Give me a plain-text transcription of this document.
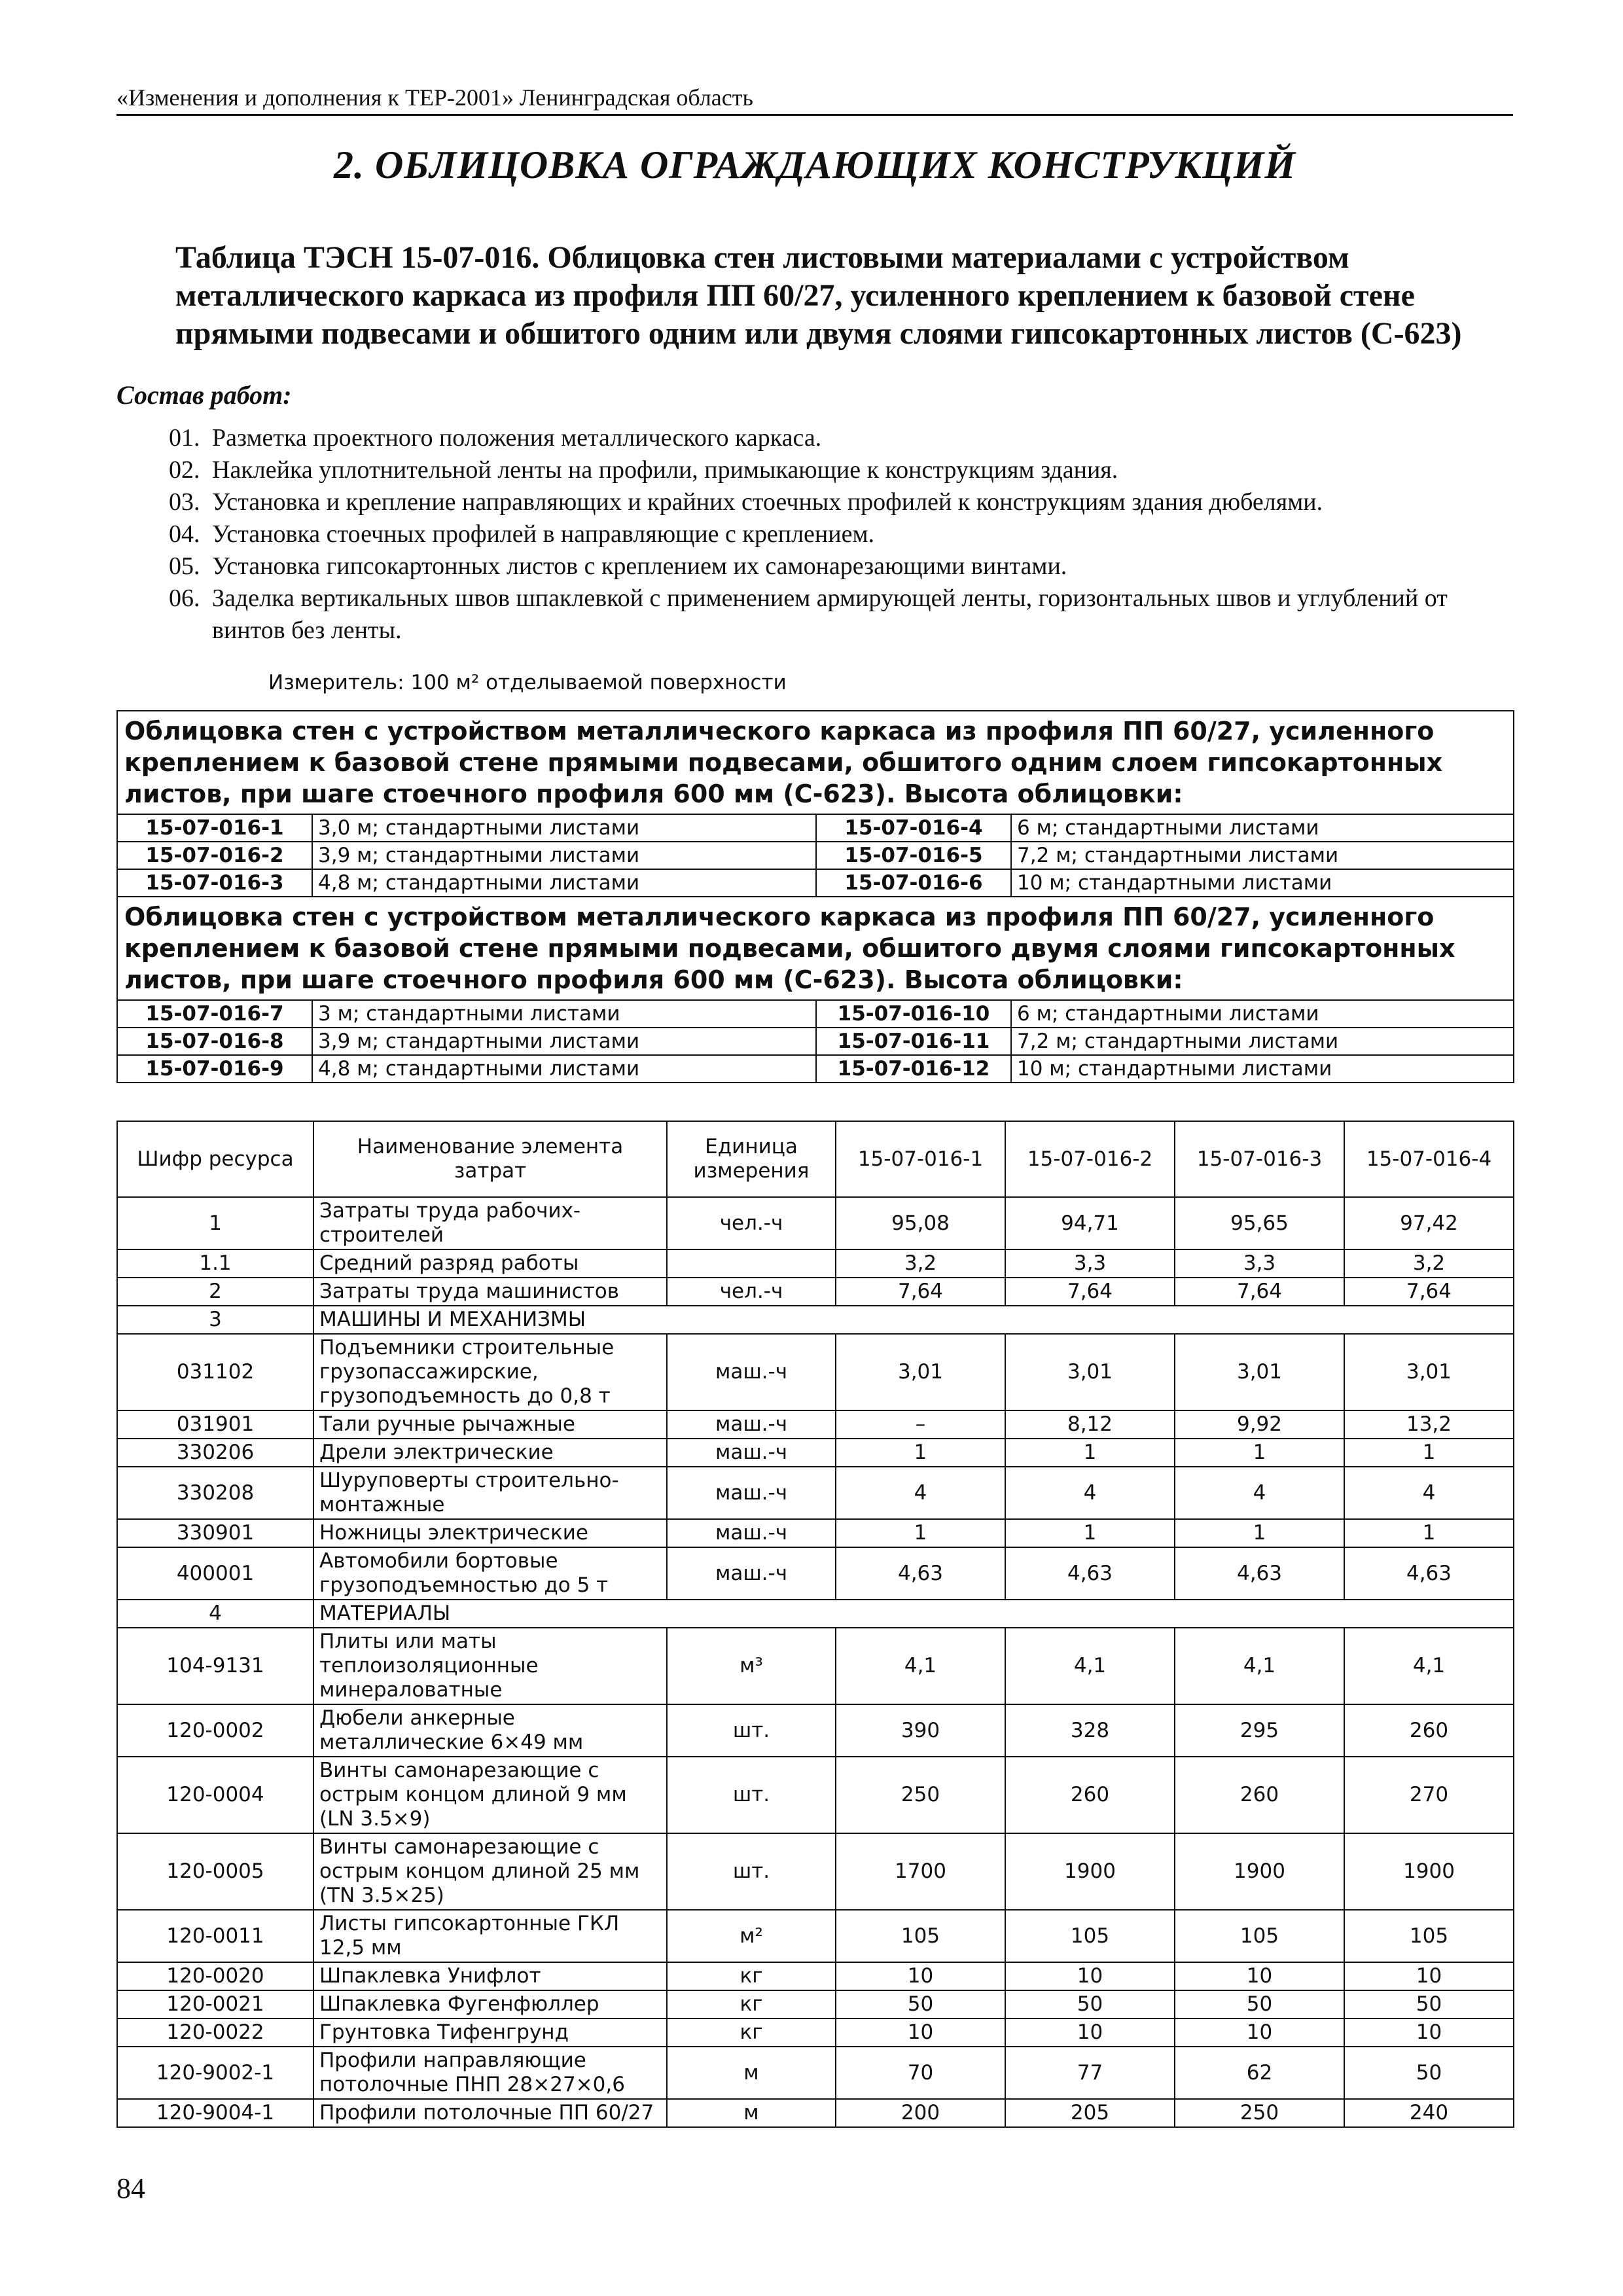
«Изменения и дополнения к ТЕР-2001» Ленинградская область
2. ОБЛИЦОВКА ОГРАЖДАЮЩИХ КОНСТРУКЦИЙ
Таблица ТЭСН 15-07-016. Облицовка стен листовыми материалами с устройством металлического каркаса из профиля ПП 60/27, усиленного креплением к базовой стене прямыми подвесами и обшитого одним или двумя слоями гипсокартонных листов (С-623)
Состав работ:
01. Разметка проектного положения металлического каркаса.
02. Наклейка уплотнительной ленты на профили, примыкающие к конструкциям здания.
03. Установка и крепление направляющих и крайних стоечных профилей к конструкциям здания дюбелями.
04. Установка стоечных профилей в направляющие с креплением.
05. Установка гипсокартонных листов с креплением их самонарезающими винтами.
06. Заделка вертикальных швов шпаклевкой с применением армирующей ленты, горизонтальных швов и углублений от винтов без ленты.
Измеритель: 100 м² отделываемой поверхности
Облицовка стен с устройством металлического каркаса из профиля ПП 60/27, усиленного креплением к базовой стене прямыми подвесами, обшитого одним слоем гипсокартонных листов, при шаге стоечного профиля 600 мм (С-623). Высота облицовки:			
15-07-016-1	3,0 м; стандартными листами	15-07-016-4	6 м; стандартными листами
15-07-016-2	3,9 м; стандартными листами	15-07-016-5	7,2 м; стандартными листами
15-07-016-3	4,8 м; стандартными листами	15-07-016-6	10 м; стандартными листами
Облицовка стен с устройством металлического каркаса из профиля ПП 60/27, усиленного креплением к базовой стене прямыми подвесами, обшитого двумя слоями гипсокартонных листов, при шаге стоечного профиля 600 мм (С-623). Высота облицовки:			
15-07-016-7	3 м; стандартными листами	15-07-016-10	6 м; стандартными листами
15-07-016-8	3,9 м; стандартными листами	15-07-016-11	7,2 м; стандартными листами
15-07-016-9	4,8 м; стандартными листами	15-07-016-12	10 м; стандартными листами
Шифр ресурса	Наименование элемента затрат	Единица измерения	15-07-016-1	15-07-016-2	15-07-016-3	15-07-016-4
1	Затраты труда рабочих-строителей	чел.-ч	95,08	94,71	95,65	97,42
1.1	Средний разряд работы		3,2	3,3	3,3	3,2
2	Затраты труда машинистов	чел.-ч	7,64	7,64	7,64	7,64
3	МАШИНЫ И МЕХАНИЗМЫ					
031102	Подъемники строительные грузопассажирские, грузоподъемность до 0,8 т	маш.-ч	3,01	3,01	3,01	3,01
031901	Тали ручные рычажные	маш.-ч	–	8,12	9,92	13,2
330206	Дрели электрические	маш.-ч	1	1	1	1
330208	Шуруповерты строительно-монтажные	маш.-ч	4	4	4	4
330901	Ножницы электрические	маш.-ч	1	1	1	1
400001	Автомобили бортовые грузоподъемностью до 5 т	маш.-ч	4,63	4,63	4,63	4,63
4	МАТЕРИАЛЫ					
104-9131	Плиты или маты теплоизоляционные минераловатные	м³	4,1	4,1	4,1	4,1
120-0002	Дюбели анкерные металлические 6×49 мм	шт.	390	328	295	260
120-0004	Винты самонарезающие с острым концом длиной 9 мм (LN 3.5×9)	шт.	250	260	260	270
120-0005	Винты самонарезающие с острым концом длиной 25 мм (TN 3.5×25)	шт.	1700	1900	1900	1900
120-0011	Листы гипсокартонные ГКЛ 12,5 мм	м²	105	105	105	105
120-0020	Шпаклевка Унифлот	кг	10	10	10	10
120-0021	Шпаклевка Фугенфюллер	кг	50	50	50	50
120-0022	Грунтовка Тифенгрунд	кг	10	10	10	10
120-9002-1	Профили направляющие потолочные ПНП 28×27×0,6	м	70	77	62	50
120-9004-1	Профили потолочные ПП 60/27	м	200	205	250	240
84
